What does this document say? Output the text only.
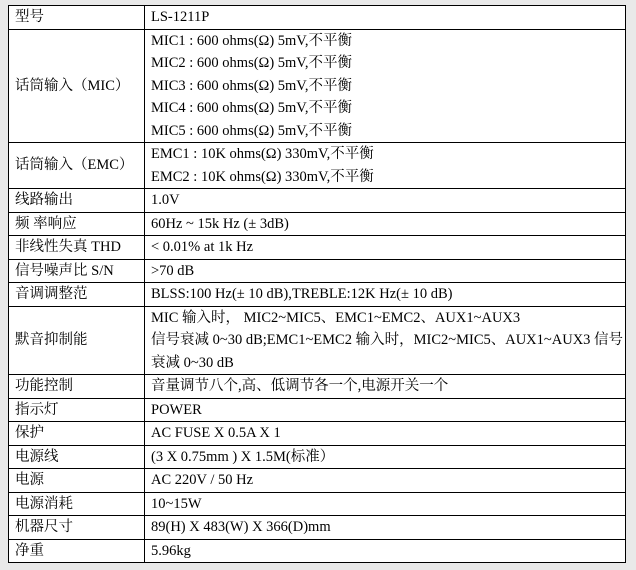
型号	LS-1211P

话筒输入（MIC）	MIC1 : 600 ohms(Ω) 5mV,不平衡
MIC2 : 600 ohms(Ω) 5mV,不平衡
MIC3 : 600 ohms(Ω) 5mV,不平衡
MIC4 : 600 ohms(Ω) 5mV,不平衡
MIC5 : 600 ohms(Ω) 5mV,不平衡

话筒输入（EMC）	EMC1 : 10K ohms(Ω) 330mV,不平衡
EMC2 : 10K ohms(Ω) 330mV,不平衡

线路输出	1.0V

频 率响应	60Hz ~ 15k Hz (± 3dB)

非线性失真 THD	< 0.01% at 1k Hz

信号噪声比 S/N	>70 dB

音调调整范	BLSS:100 Hz(± 10 dB),TREBLE:12K Hz(± 10 dB)

默音抑制能	MIC 输入时， MIC2~MIC5、EMC1~EMC2、AUX1~AUX3
信号衰减 0~30 dB;EMC1~EMC2 输入时，MIC2~MIC5、AUX1~AUX3 信号
衰减 0~30 dB

功能控制	音量调节八个,高、低调节各一个,电源开关一个

指示灯	POWER

保护	AC FUSE X 0.5A X 1

电源线	(3 X 0.75mm ) X 1.5M(标准）

电源	AC 220V / 50 Hz

电源消耗	10~15W

机器尺寸	89(H) X 483(W) X 366(D)mm

净重	5.96kg
